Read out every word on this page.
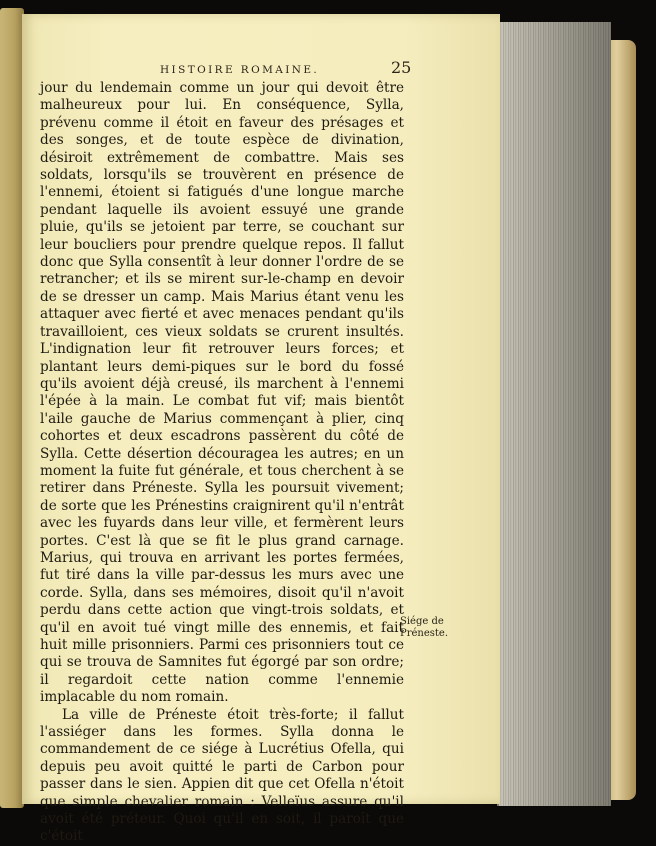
HISTOIRE ROMAINE.	25

jour du lendemain comme un jour qui devoit être malheureux pour lui. En conséquence, Sylla, prévenu comme il étoit en faveur des présages et des songes, et de toute espèce de divination, désiroit extrêmement de combattre. Mais ses soldats, lorsqu'ils se trouvèrent en présence de l'ennemi, étoient si fatigués d'une longue marche pendant laquelle ils avoient essuyé une grande pluie, qu'ils se jetoient par terre, se couchant sur leur boucliers pour prendre quelque repos. Il fallut donc que Sylla consentît à leur donner l'ordre de se retrancher; et ils se mirent sur-le-champ en devoir de se dresser un camp. Mais Marius étant venu les attaquer avec fierté et avec menaces pendant qu'ils travailloient, ces vieux soldats se crurent insultés. L'indignation leur fit retrouver leurs forces; et plantant leurs demi-piques sur le bord du fossé qu'ils avoient déjà creusé, ils marchent à l'ennemi l'épée à la main. Le combat fut vif; mais bientôt l'aile gauche de Marius commençant à plier, cinq cohortes et deux escadrons passèrent du côté de Sylla. Cette désertion découragea les autres; en un moment la fuite fut générale, et tous cherchent à se retirer dans Préneste. Sylla les poursuit vivement; de sorte que les Prénestins craignirent qu'il n'entrât avec les fuyards dans leur ville, et fermèrent leurs portes. C'est là que se fit le plus grand carnage. Marius, qui trouva en arrivant les portes fermées, fut tiré dans la ville par-dessus les murs avec une corde. Sylla, dans ses mémoires, disoit qu'il n'avoit perdu dans cette action que vingt-trois soldats, et qu'il en avoit tué vingt mille des ennemis, et fait huit mille prisonniers. Parmi ces prisonniers tout ce qui se trouva de Samnites fut égorgé par son ordre; il regardoit cette nation comme l'ennemie implacable du nom romain.

La ville de Préneste étoit très-forte; il fallut l'assiéger dans les formes. Sylla donna le commandement de ce siége à Lucrétius Ofella, qui depuis peu avoit quitté le parti de Carbon pour passer dans le sien. Appien dit que cet Ofella n'étoit que simple chevalier romain : Velleïus assure qu'il avoit été préteur. Quoi qu'il en soit, il paroît que c'étoit

Siége de Préneste.
